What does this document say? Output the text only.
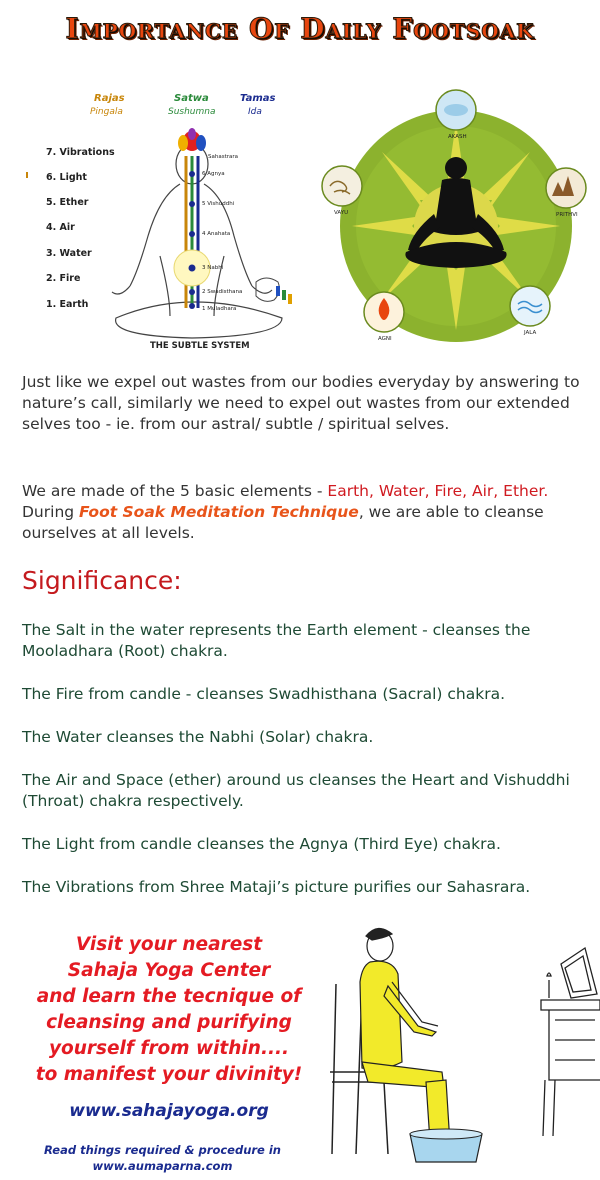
Importance Of Daily Footsoak
Rajas	Satwa	Tamas
Pingala	Sushumna	Ida
7. Vibrations
6. Light
5. Ether
4. Air
3. Water
2. Fire
1. Earth
Sahastrara
6 Agnya
5 Vishuddhi
4 Anahata
3 Nabhi
2 Swadisthana
1 Muladhara
THE SUBTLE SYSTEM
AKASH
PRITHVI
JALA
AGNI
VAYU
Just like we expel out wastes from our bodies everyday by answering to nature’s call, similarly we need to expel out wastes from our extended selves too - ie. from our astral/ subtle / spiritual selves.
We are made of the 5 basic elements - Earth, Water, Fire, Air, Ether. During Foot Soak Meditation Technique, we are able to cleanse ourselves at all levels.
Significance:
The Salt in the water represents the Earth element - cleanses the Mooladhara (Root) chakra.
The Fire from candle - cleanses Swadhisthana (Sacral) chakra.
The Water cleanses the Nabhi (Solar) chakra.
The Air and Space (ether) around us cleanses the Heart and Vishuddhi (Throat) chakra respectively.
The Light from candle cleanses the Agnya (Third Eye) chakra.
The Vibrations from Shree Mataji’s picture purifies our Sahasrara.
Visit your nearest
Sahaja Yoga Center
and learn the tecnique of
cleansing and purifying
yourself from within....
to manifest your divinity!
www.sahajayoga.org
Read things required & procedure in
www.aumaparna.com
